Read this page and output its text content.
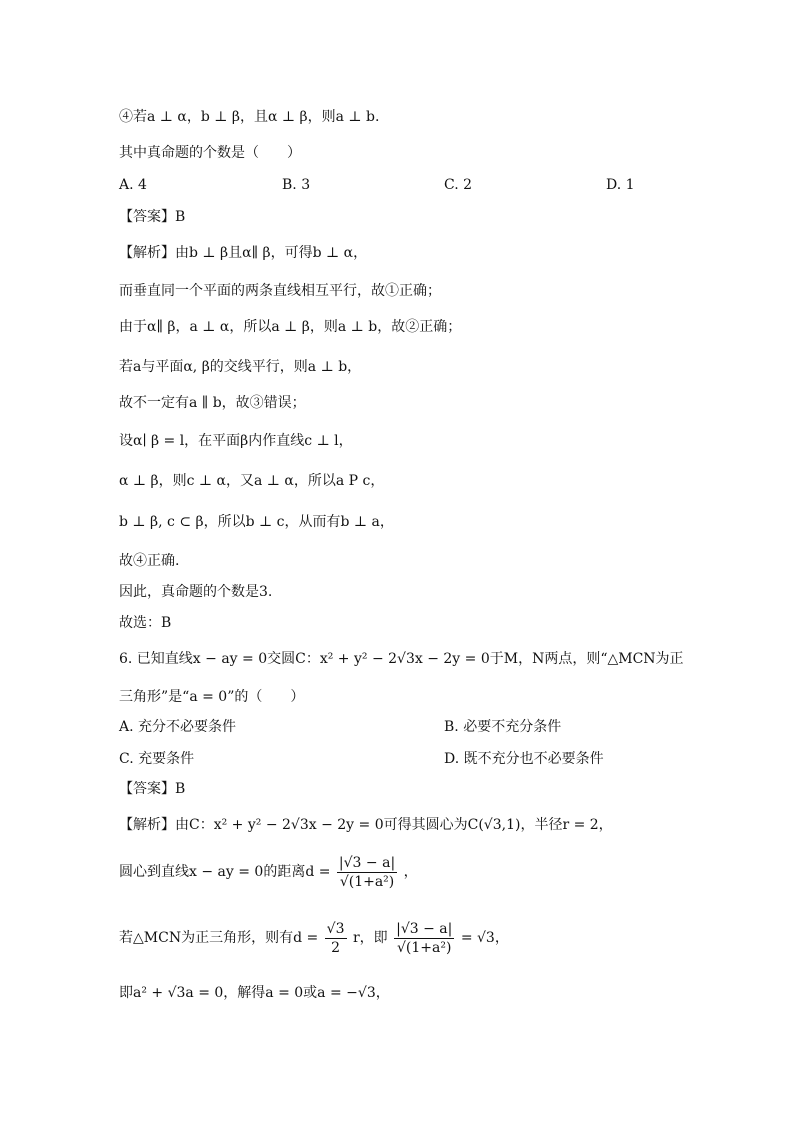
④若a ⊥ α，b ⊥ β，且α ⊥ β，则a ⊥ b.
其中真命题的个数是（　　）
A. 4	B. 3	C. 2	D. 1
【答案】B
【解析】由b ⊥ β且α∥ β，可得b ⊥ α，
而垂直同一个平面的两条直线相互平行，故①正确；
由于α∥ β，a ⊥ α，所以a ⊥ β，则a ⊥ b，故②正确；
若a与平面α, β的交线平行，则a ⊥ b，
故不一定有a ∥ b，故③错误；
设α∣ β = l，在平面β内作直线c ⊥ l，
α ⊥ β，则c ⊥ α，又a ⊥ α，所以a P c，
b ⊥ β, c ⊂ β，所以b ⊥ c，从而有b ⊥ a，
故④正确.
因此，真命题的个数是3.
故选：B
6. 已知直线x − ay = 0交圆C：x² + y² − 2√3x − 2y = 0于M，N两点，则“△MCN为正
三角形”是“a = 0”的（　　）
A. 充分不必要条件	B. 必要不充分条件
C. 充要条件	D. 既不充分也不必要条件
【答案】B
【解析】由C：x² + y² − 2√3x − 2y = 0可得其圆心为C(√3,1)，半径r = 2，
圆心到直线x − ay = 0的距离$d = \frac{|√3 - a|}{\text{√(1+a²)}}$ ，
若△MCN为正三角形，则有$d = \frac{√3}{2}$ r，即 $\frac{|√3 - a|}{\text{√(1+a²)}} = √3$，
即a² + √3a = 0，解得a = 0或a = −√3，
